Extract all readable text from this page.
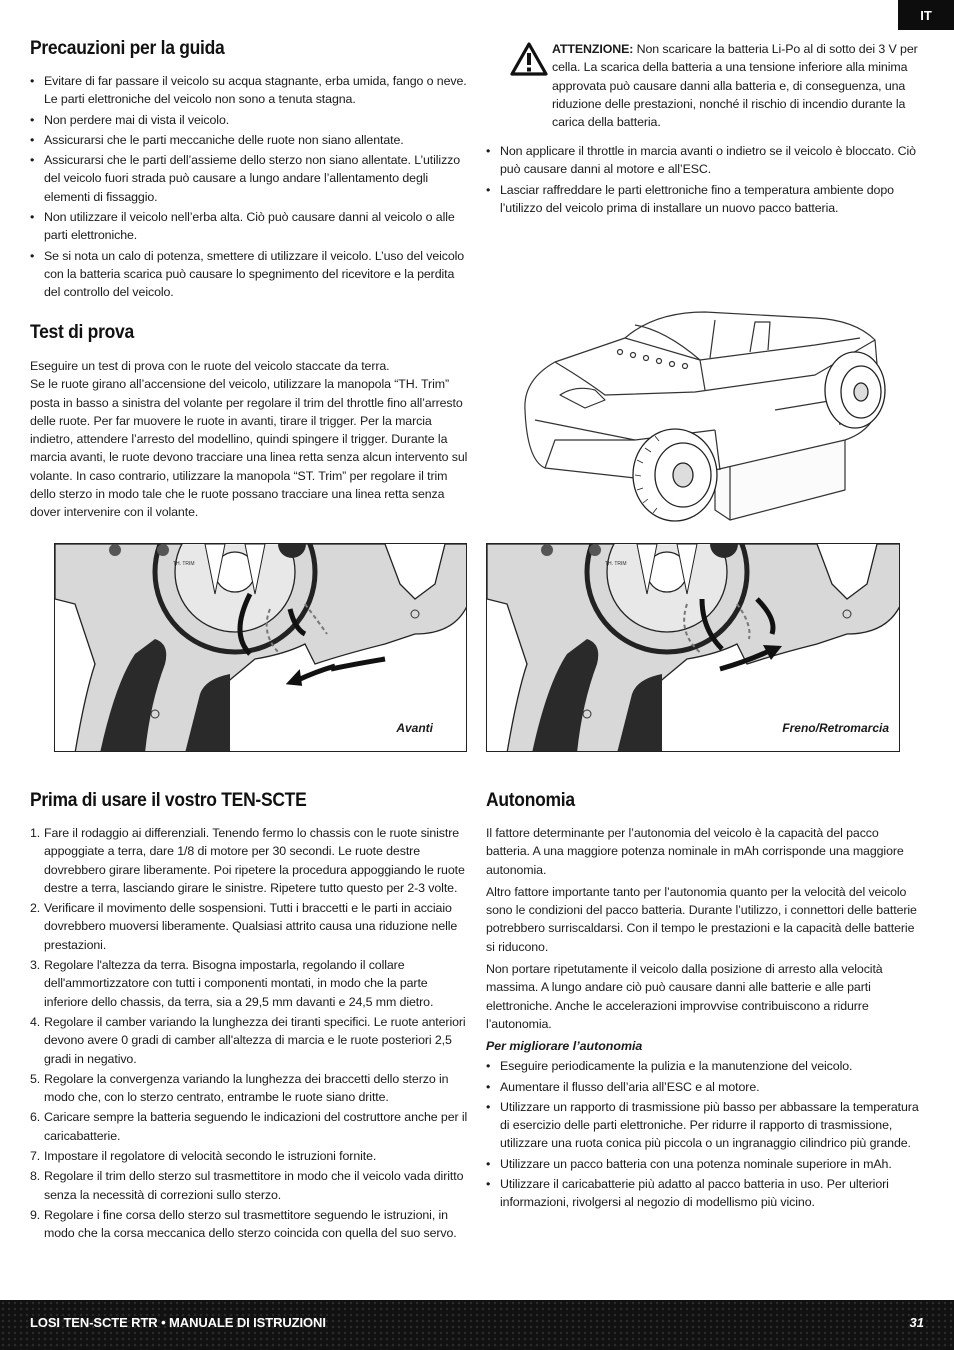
IT
Precauzioni per la guida
• Evitare di far passare il veicolo su acqua stagnante, erba umida, fango o neve. Le parti elettroniche del veicolo non sono a tenuta stagna.
• Non perdere mai di vista il veicolo.
• Assicurarsi che le parti meccaniche delle ruote non siano allentate.
• Assicurarsi che le parti dell’assieme dello sterzo non siano allentate. L’utilizzo del veicolo fuori strada può causare a lungo andare l’allentamento degli elementi di fissaggio.
• Non utilizzare il veicolo nell’erba alta. Ciò può causare danni al veicolo o alle parti elettroniche.
• Se si nota un calo di potenza, smettere di utilizzare il veicolo. L’uso del veicolo con la batteria scarica può causare lo spegnimento del ricevitore e la perdita del controllo del veicolo.
ATTENZIONE: Non scaricare la batteria Li-Po al di sotto dei 3 V per cella. La scarica della batteria a una tensione inferiore alla minima approvata può causare danni alla batteria e, di conseguenza, una riduzione delle prestazioni, nonché il rischio di incendio durante la carica della batteria.
• Non applicare il throttle in marcia avanti o indietro se il veicolo è bloccato. Ciò può causare danni al motore e all’ESC.
• Lasciar raffreddare le parti elettroniche fino a temperatura ambiente dopo l’utilizzo del veicolo prima di installare un nuovo pacco batteria.
Test di prova
Eseguire un test di prova con le ruote del veicolo staccate da terra.
Se le ruote girano all’accensione del veicolo, utilizzare la manopola “TH. Trim” posta in basso a sinistra del volante per regolare il trim del throttle fino all’arresto delle ruote. Per far muovere le ruote in avanti, tirare il trigger. Per la marcia indietro, attendere l’arresto del modellino, quindi spingere il trigger. Durante la marcia avanti, le ruote devono tracciare una linea retta senza alcun intervento sul volante. In caso contrario, utilizzare la manopola “ST. Trim” per regolare il trim dello sterzo in modo tale che le ruote possano tracciare una linea retta senza dover intervenire con il volante.
TH. TRIM
Avanti
TH. TRIM
Freno/Retromarcia
Prima di usare il vostro TEN-SCTE
1. Fare il rodaggio ai differenziali. Tenendo fermo lo chassis con le ruote sinistre appoggiate a terra, dare 1/8 di motore per 30 secondi. Le ruote destre dovrebbero girare liberamente. Poi ripetere la procedura appoggiando le ruote destre a terra, lasciando girare le sinistre. Ripetere tutto questo per 2-3 volte.
2. Verificare il movimento delle sospensioni. Tutti i braccetti e le parti in acciaio dovrebbero muoversi liberamente. Qualsiasi attrito causa una riduzione nelle prestazioni.
3. Regolare l'altezza da terra. Bisogna impostarla, regolando il collare dell'ammortizzatore con tutti i componenti montati, in modo che la parte inferiore dello chassis, da terra, sia a 29,5 mm davanti e 24,5 mm dietro.
4. Regolare il camber variando la lunghezza dei tiranti specifici. Le ruote anteriori devono avere 0 gradi di camber all'altezza di marcia e le ruote posteriori 2,5 gradi in negativo.
5. Regolare la convergenza variando la lunghezza dei braccetti dello sterzo in modo che, con lo sterzo centrato, entrambe le ruote siano dritte.
6. Caricare sempre la batteria seguendo le indicazioni del costruttore anche per il caricabatterie.
7. Impostare il regolatore di velocità secondo le istruzioni fornite.
8. Regolare il trim dello sterzo sul trasmettitore in modo che il veicolo vada diritto senza la necessità di correzioni sullo sterzo.
9. Regolare i fine corsa dello sterzo sul trasmettitore seguendo le istruzioni, in modo che la corsa meccanica dello sterzo coincida con quella del suo servo.
Autonomia

Il fattore determinante per l’autonomia del veicolo è la capacità del pacco batteria. A una maggiore potenza nominale in mAh corrisponde una maggiore autonomia.

Altro fattore importante tanto per l’autonomia quanto per la velocità del veicolo sono le condizioni del pacco batteria. Durante l’utilizzo, i connettori delle batterie potrebbero surriscaldarsi. Con il tempo le prestazioni e la capacità delle batterie si riducono.

Non portare ripetutamente il veicolo dalla posizione di arresto alla velocità massima. A lungo andare ciò può causare danni alle batterie e alle parti elettroniche. Anche le accelerazioni improvvise contribuiscono a ridurre l’autonomia.

Per migliorare l’autonomia
• Eseguire periodicamente la pulizia e la manutenzione del veicolo.
• Aumentare il flusso dell’aria all’ESC e al motore.
• Utilizzare un rapporto di trasmissione più basso per abbassare la temperatura di esercizio delle parti elettroniche. Per ridurre il rapporto di trasmissione, utilizzare una ruota conica più piccola o un ingranaggio cilindrico più grande.
• Utilizzare un pacco batteria con una potenza nominale superiore in mAh.
• Utilizzare il caricabatterie più adatto al pacco batteria in uso. Per ulteriori informazioni, rivolgersi al negozio di modellismo più vicino.
LOSI TEN-SCTE RTR • MANUALE DI ISTRUZIONI	31
